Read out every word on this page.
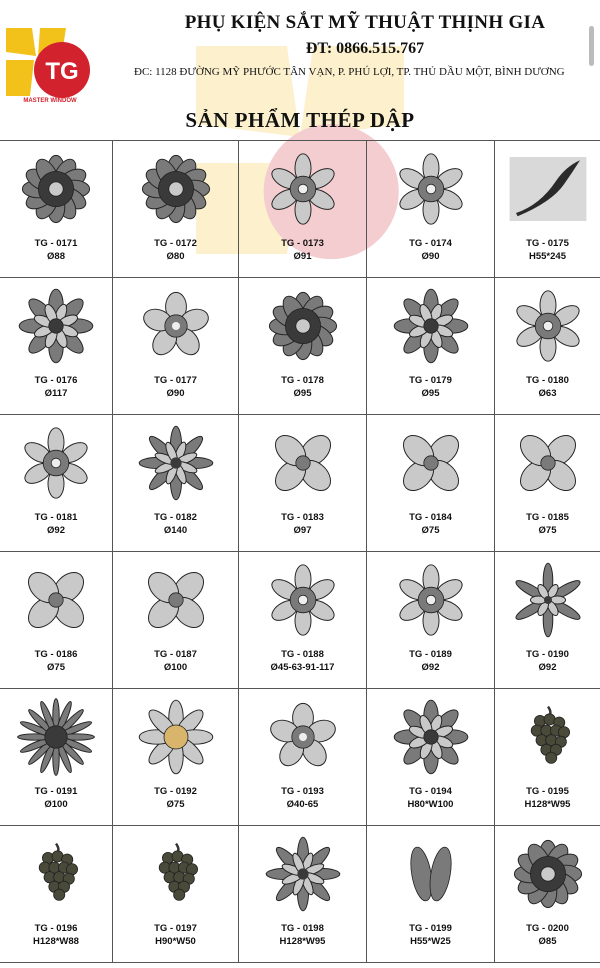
TG
MASTER WINDOW
PHỤ KIỆN SẮT MỸ THUẬT THỊNH GIA
ĐT: 0866.515.767
ĐC: 1128 ĐƯỜNG MỸ PHƯỚC TÂN VẠN, P. PHÚ LỢI, TP. THỦ DẦU MỘT, BÌNH DƯƠNG
SẢN PHẨM THÉP DẬP
TG - 0171
Ø88
TG - 0172
Ø80
TG - 0173
Ø91
TG - 0174
Ø90
TG - 0175
H55*245
TG - 0176
Ø117
TG - 0177
Ø90
TG - 0178
Ø95
TG - 0179
Ø95
TG - 0180
Ø63
TG - 0181
Ø92
TG - 0182
Ø140
TG - 0183
Ø97
TG - 0184
Ø75
TG - 0185
Ø75
TG - 0186
Ø75
TG - 0187
Ø100
TG - 0188
Ø45-63-91-117
TG - 0189
Ø92
TG - 0190
Ø92
TG - 0191
Ø100
TG - 0192
Ø75
TG - 0193
Ø40-65
TG - 0194
H80*W100
TG - 0195
H128*W95
TG - 0196
H128*W88
TG - 0197
H90*W50
TG - 0198
H128*W95
TG - 0199
H55*W25
TG - 0200
Ø85
